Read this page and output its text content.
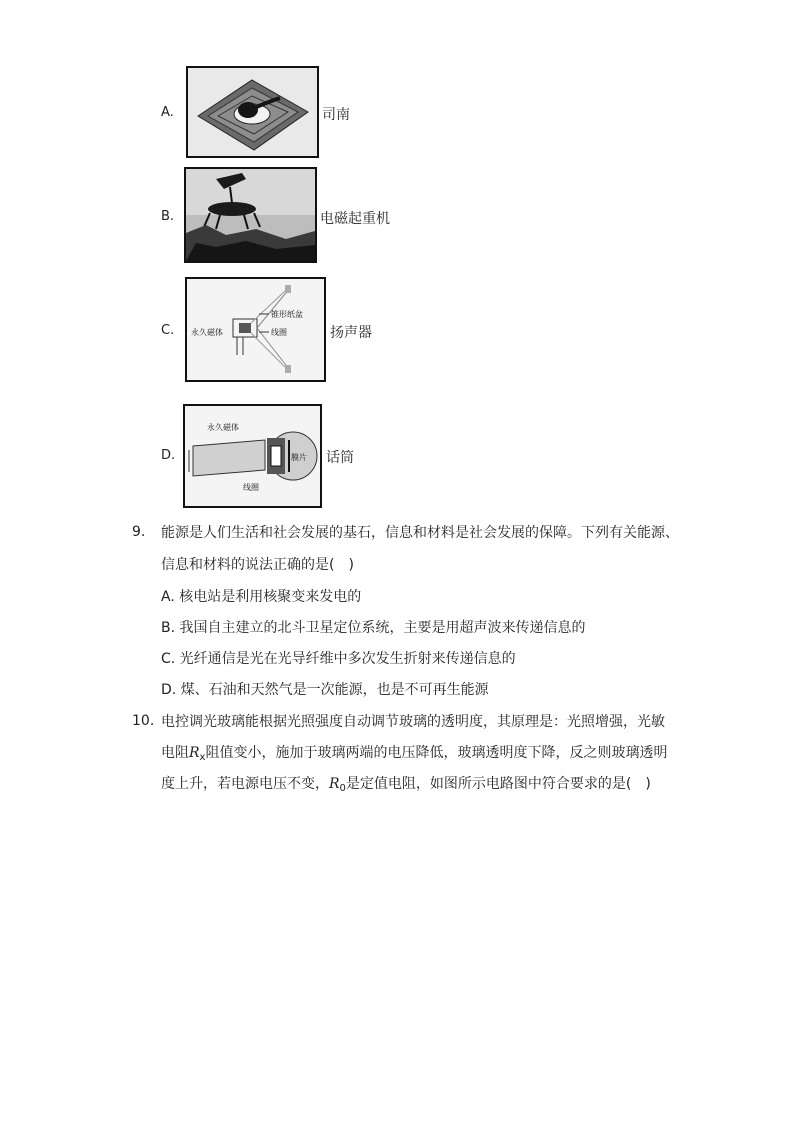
A.	司南
B.	电磁起重机
C.
锥形纸盆
永久磁体	线圈	扬声器
D.
永久磁体
膜片
线圈
话筒
9. 能源是人们生活和社会发展的基石，信息和材料是社会发展的保障。下列有关能源、
信息和材料的说法正确的是(　)
A. 核电站是利用核聚变来发电的
B. 我国自主建立的北斗卫星定位系统，主要是用超声波来传递信息的
C. 光纤通信是光在光导纤维中多次发生折射来传递信息的
D. 煤、石油和天然气是一次能源，也是不可再生能源
10. 电控调光玻璃能根据光照强度自动调节玻璃的透明度，其原理是：光照增强，光敏
电阻$R_x$阻值变小，施加于玻璃两端的电压降低，玻璃透明度下降，反之则玻璃透明
度上升，若电源电压不变，$R_0$是定值电阻，如图所示电路图中符合要求的是(　)
